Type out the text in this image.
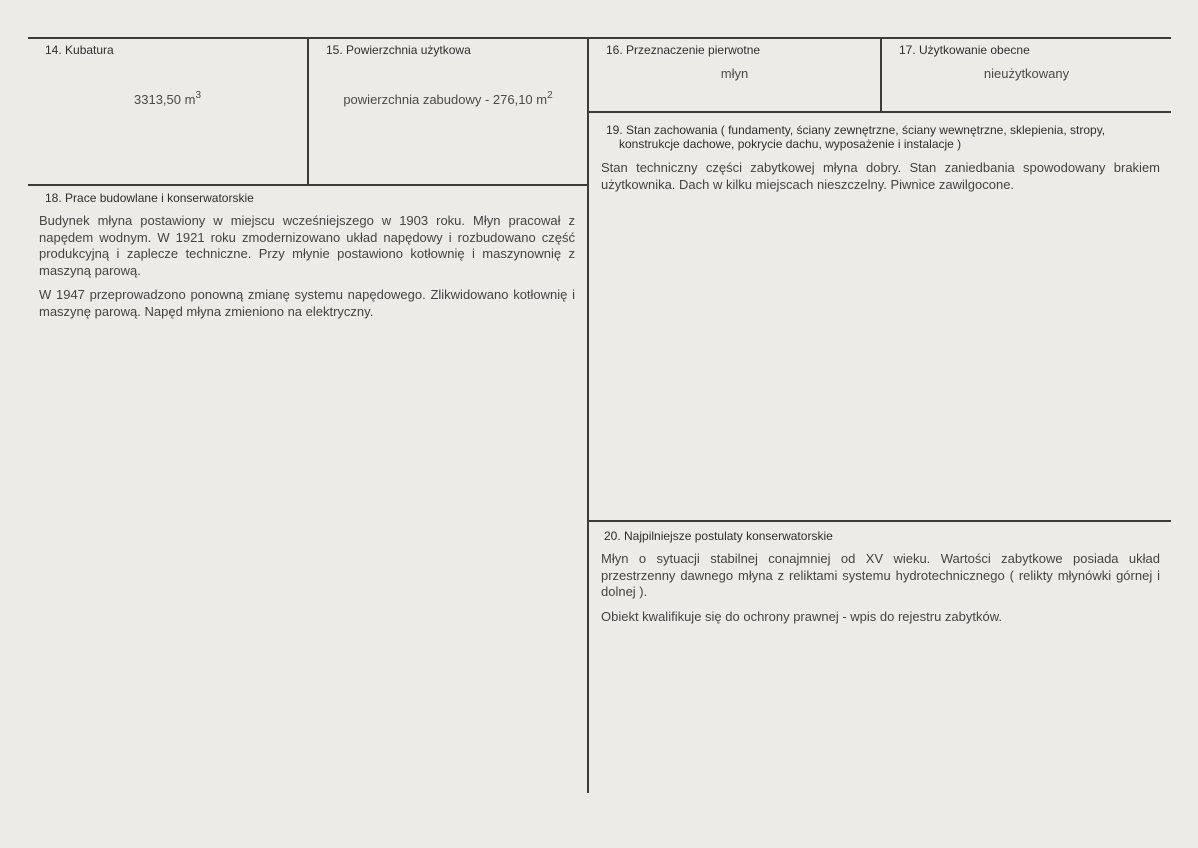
14. Kubatura
3313,50 $m^3$
15. Powierzchnia użytkowa
powierzchnia zabudowy - 276,10 $m^2$
16. Przeznaczenie pierwotne
młyn
17. Użytkowanie obecne
nieużytkowany
18. Prace budowlane i konserwatorskie

Budynek młyna postawiony w miejscu wcześniejszego w 1903 roku. Młyn pracował z napędem wodnym. W 1921 roku zmodernizowano układ napędowy i rozbudowano część produkcyjną i zaplecze techniczne. Przy młynie postawiono kotłownię i maszynownię z maszyną parową.

W 1947 przeprowadzono ponowną zmianę systemu napędowego. Zlikwidowano kotłownię i maszynę parową. Napęd młyna zmieniono na elektryczny.

19. Stan zachowania ( fundamenty, ściany zewnętrzne, ściany wewnętrzne, sklepienia, stropy, konstrukcje dachowe, pokrycie dachu, wyposażenie i instalacje )

Stan techniczny części zabytkowej młyna dobry. Stan zaniedbania spowodowany brakiem użytkownika. Dach w kilku miejscach nieszczelny. Piwnice zawilgocone.

20. Najpilniejsze postulaty konserwatorskie

Młyn o sytuacji stabilnej conajmniej od XV wieku. Wartości zabytkowe posiada układ przestrzenny dawnego młyna z reliktami systemu hydrotechnicznego ( relikty młynówki górnej i dolnej ).

Obiekt kwalifikuje się do ochrony prawnej - wpis do rejestru zabytków.
